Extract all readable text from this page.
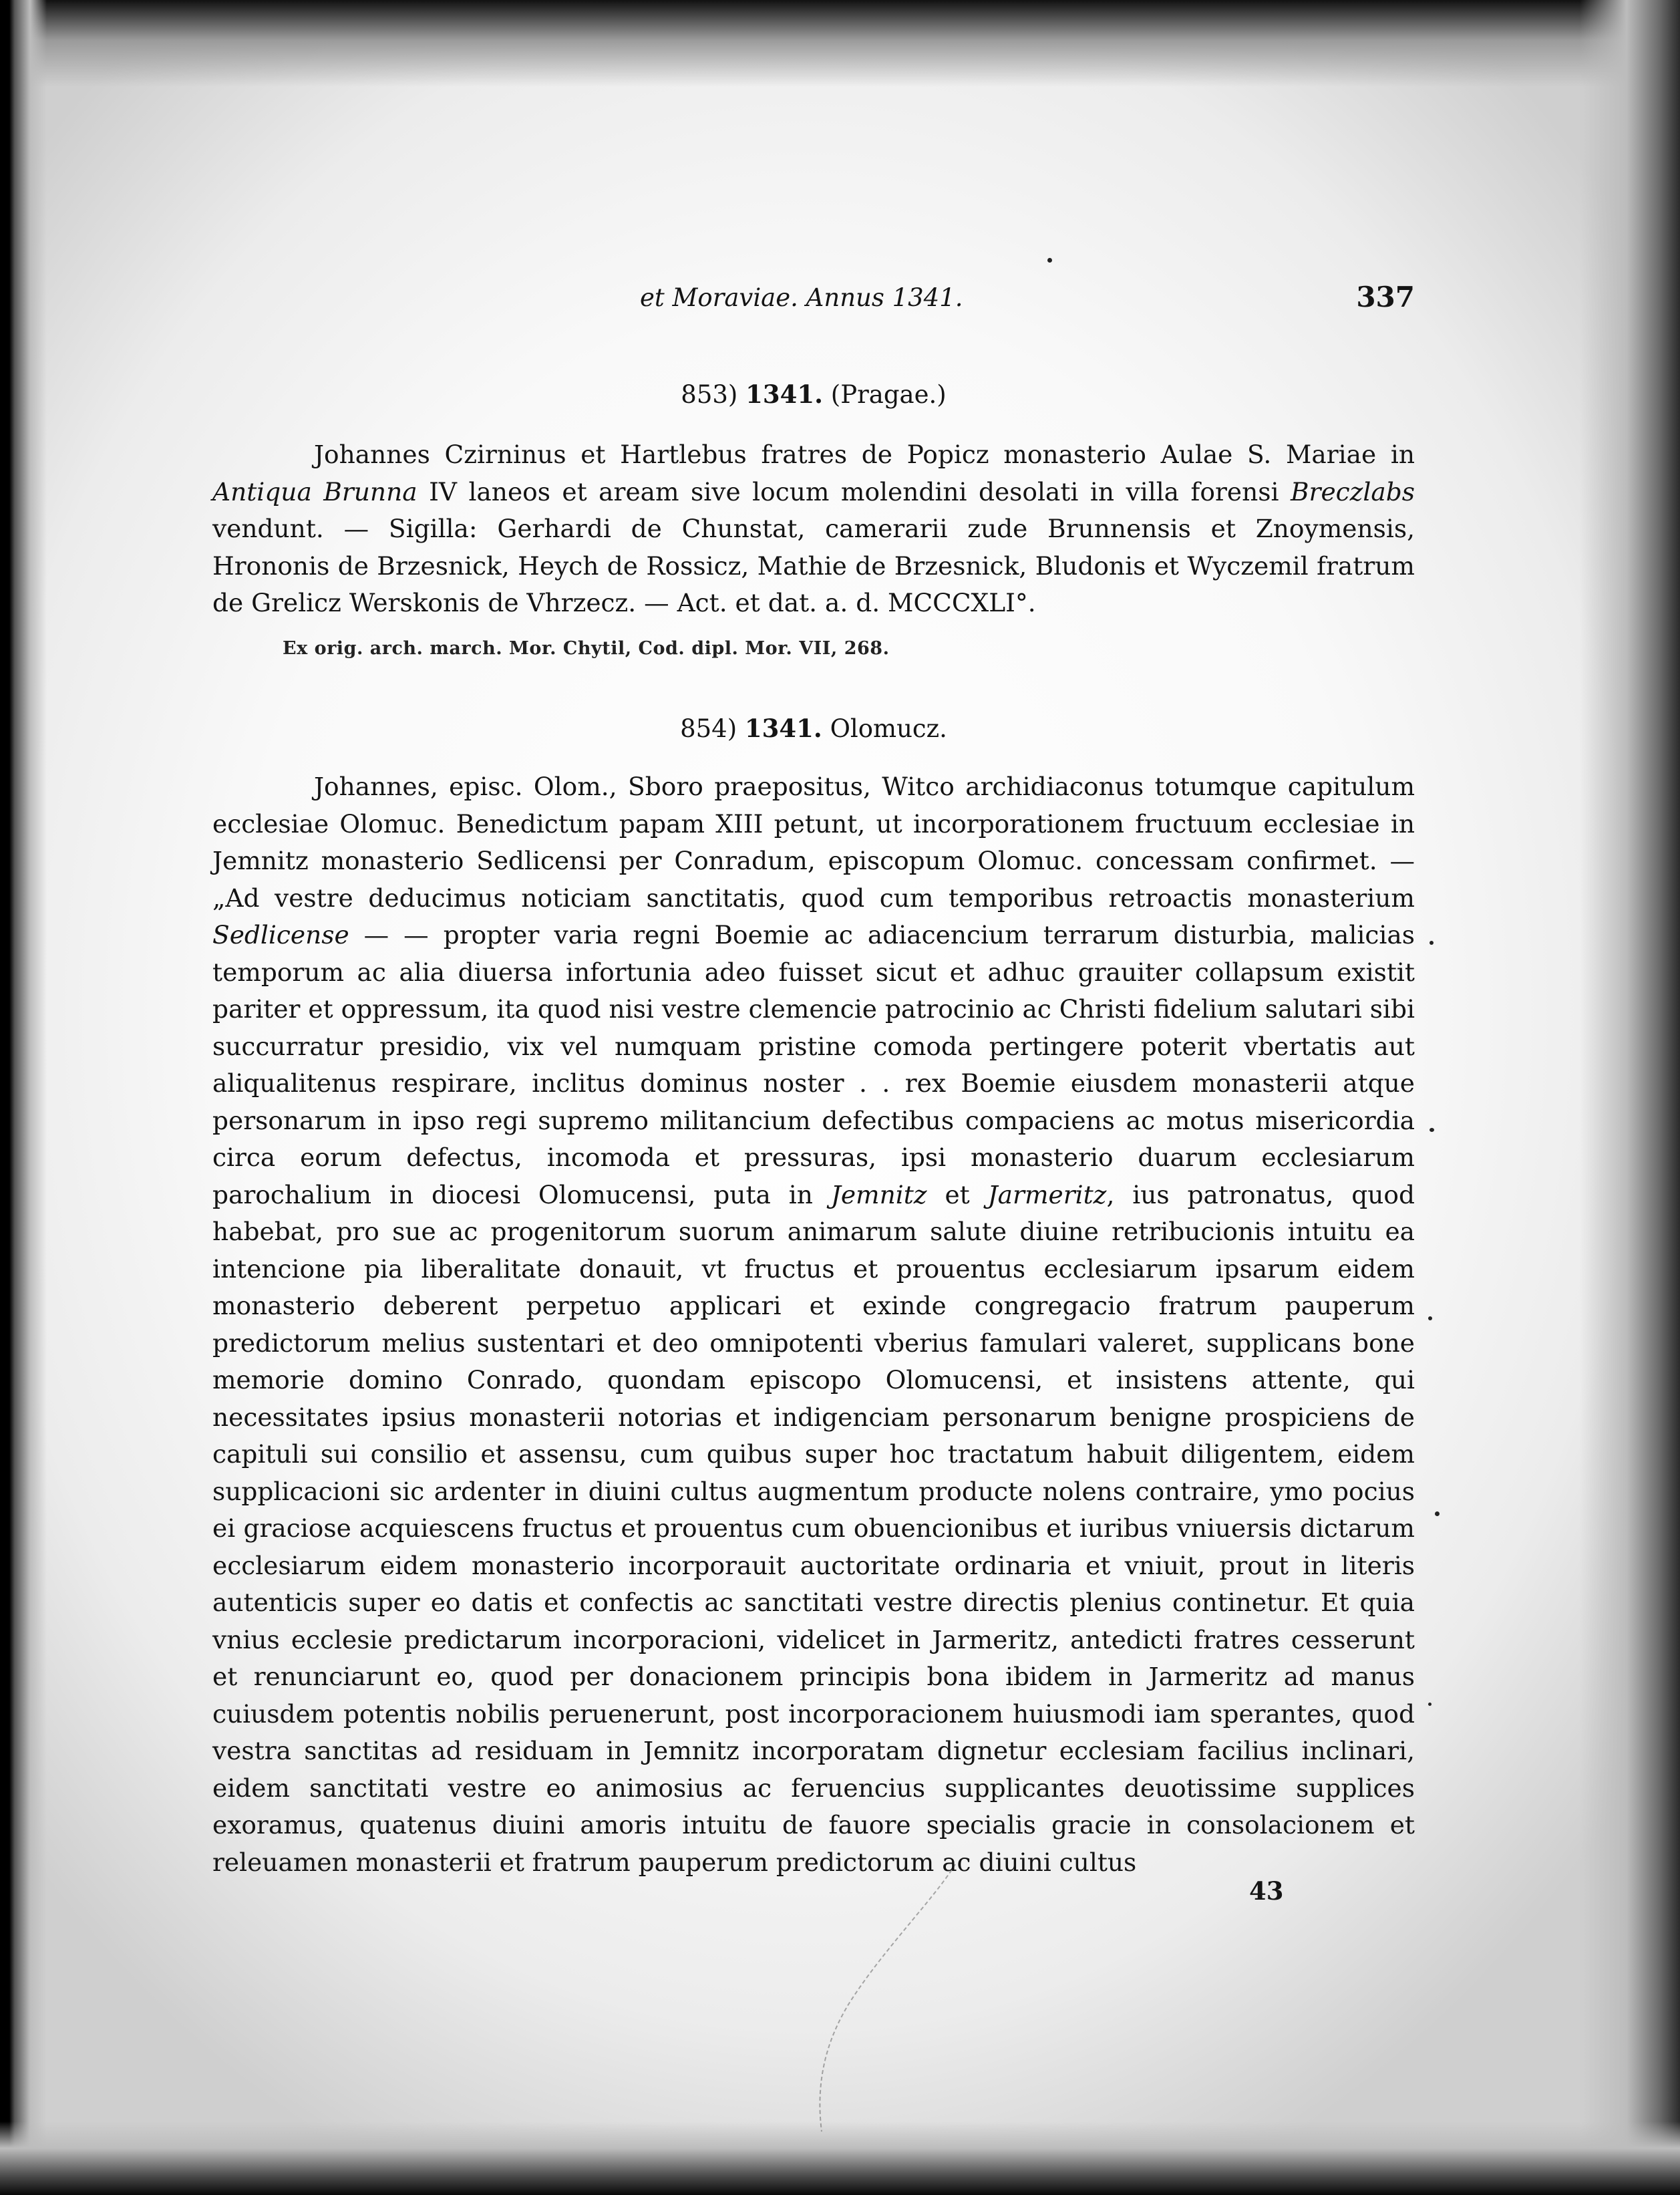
et Moraviae. Annus 1341.	337
853) 1341. (Pragae.)

Johannes Czirninus et Hartlebus fratres de Popicz monasterio Aulae S. Mariae in Antiqua Brunna IV laneos et aream sive locum molendini desolati in villa forensi Breczlabs vendunt. — Sigilla: Gerhardi de Chunstat, camerarii zude Brunnensis et Znoymensis, Hrononis de Brzesnick, Heych de Rossicz, Mathie de Brzesnick, Bludonis et Wyczemil fratrum de Grelicz Werskonis de Vhrzecz. — Act. et dat. a. d. MCCCXLI°.

Ex orig. arch. march. Mor. Chytil, Cod. dipl. Mor. VII, 268.
854) 1341. Olomucz.

Johannes, episc. Olom., Sboro praepositus, Witco archidiaconus totumque capitulum ecclesiae Olomuc. Benedictum papam XIII petunt, ut incorporationem fructuum ecclesiae in Jemnitz monasterio Sedlicensi per Conradum, episcopum Olomuc. concessam confirmet. — „Ad vestre deducimus noticiam sanctitatis, quod cum temporibus retroactis monasterium Sedlicense — — propter varia regni Boemie ac adiacencium terrarum disturbia, malicias temporum ac alia diuersa infortunia adeo fuisset sicut et adhuc grauiter collapsum existit pariter et oppressum, ita quod nisi vestre clemencie patrocinio ac Christi fidelium salutari sibi succurratur presidio, vix vel numquam pristine comoda pertingere poterit vbertatis aut aliqualitenus respirare, inclitus dominus noster . . rex Boemie eiusdem monasterii atque personarum in ipso regi supremo militancium defectibus compaciens ac motus misericordia circa eorum defectus, incomoda et pressuras, ipsi monasterio duarum ecclesiarum parochalium in diocesi Olomucensi, puta in Jemnitz et Jarmeritz, ius patronatus, quod habebat, pro sue ac progenitorum suorum animarum salute diuine retribucionis intuitu ea intencione pia liberalitate donauit, vt fructus et prouentus ecclesiarum ipsarum eidem monasterio deberent perpetuo applicari et exinde congregacio fratrum pauperum predictorum melius sustentari et deo omnipotenti vberius famulari valeret, supplicans bone memorie domino Conrado, quondam episcopo Olomucensi, et insistens attente, qui necessitates ipsius monasterii notorias et indigenciam personarum benigne prospiciens de capituli sui consilio et assensu, cum quibus super hoc tractatum habuit diligentem, eidem supplicacioni sic ardenter in diuini cultus augmentum producte nolens contraire, ymo pocius ei graciose acquiescens fructus et prouentus cum obuencionibus et iuribus vniuersis dictarum ecclesiarum eidem monasterio incorporauit auctoritate ordinaria et vniuit, prout in literis autenticis super eo datis et confectis ac sanctitati vestre directis plenius continetur. Et quia vnius ecclesie predictarum incorporacioni, videlicet in Jarmeritz, antedicti fratres cesserunt et renunciarunt eo, quod per donacionem principis bona ibidem in Jarmeritz ad manus cuiusdem potentis nobilis peruenerunt, post incorporacionem huiusmodi iam sperantes, quod vestra sanctitas ad residuam in Jemnitz incorporatam dignetur ecclesiam facilius inclinari, eidem sanctitati vestre eo animosius ac feruencius supplicantes deuotissime supplices exoramus, quatenus diuini amoris intuitu de fauore specialis gracie in consolacionem et releuamen monasterii et fratrum pauperum predictorum ac diuini cultus

43
